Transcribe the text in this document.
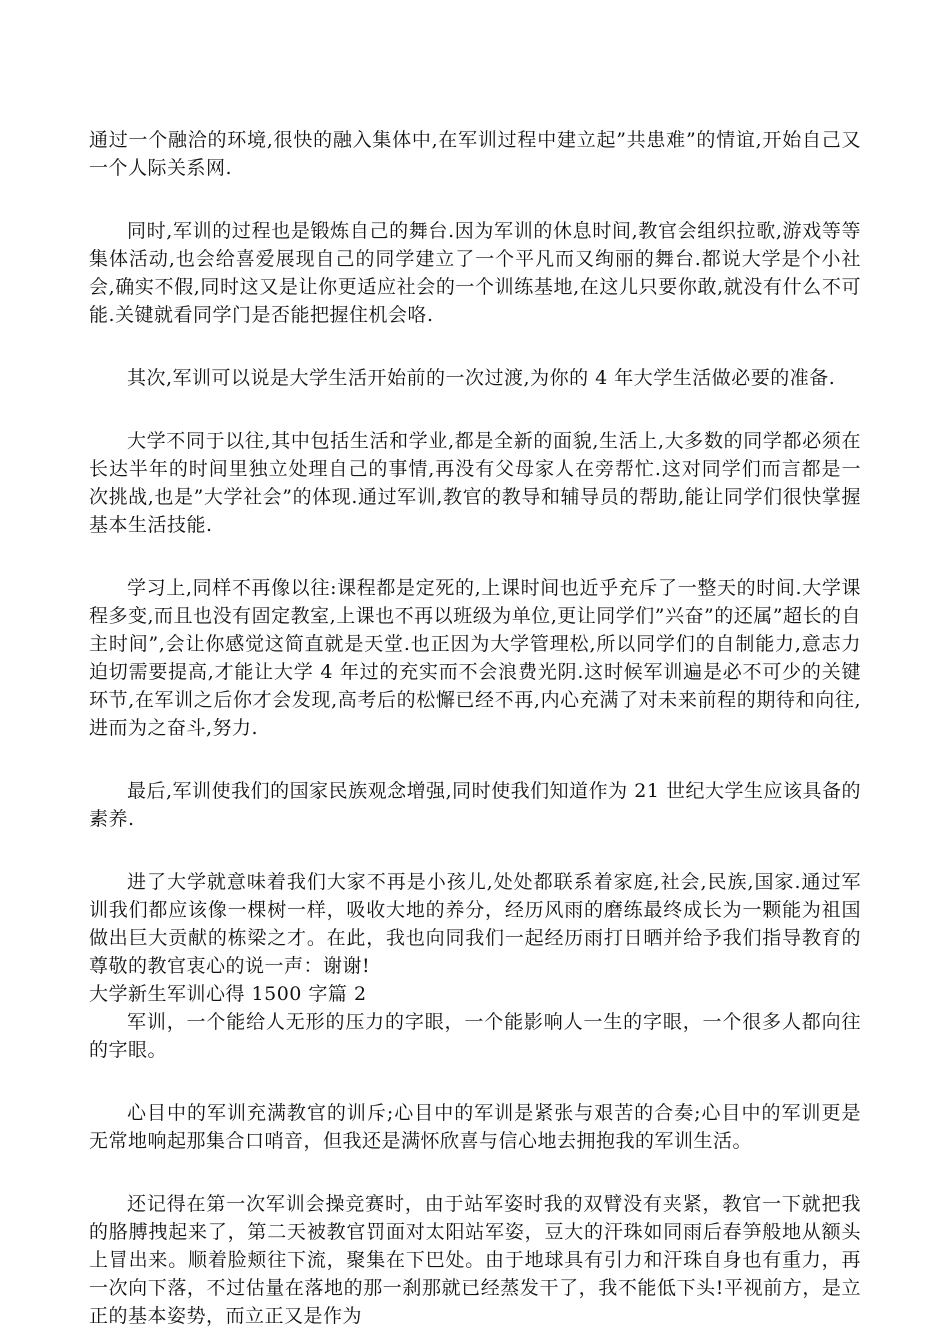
通过一个融洽的环境,很快的融入集体中,在军训过程中建立起”共患难”的情谊,开始自己又一个人际关系网.

同时,军训的过程也是锻炼自己的舞台.因为军训的休息时间,教官会组织拉歌,游戏等等集体活动,也会给喜爱展现自己的同学建立了一个平凡而又绚丽的舞台.都说大学是个小社会,确实不假,同时这又是让你更适应社会的一个训练基地,在这儿只要你敢,就没有什么不可能.关键就看同学门是否能把握住机会咯.

其次,军训可以说是大学生活开始前的一次过渡,为你的 4 年大学生活做必要的准备.

大学不同于以往,其中包括生活和学业,都是全新的面貌,生活上,大多数的同学都必须在长达半年的时间里独立处理自己的事情,再没有父母家人在旁帮忙.这对同学们而言都是一次挑战,也是”大学社会”的体现.通过军训,教官的教导和辅导员的帮助,能让同学们很快掌握基本生活技能.

学习上,同样不再像以往:课程都是定死的,上课时间也近乎充斥了一整天的时间.大学课程多变,而且也没有固定教室,上课也不再以班级为单位,更让同学们”兴奋”的还属”超长的自主时间”,会让你感觉这简直就是天堂.也正因为大学管理松,所以同学们的自制能力,意志力迫切需要提高,才能让大学 4 年过的充实而不会浪费光阴.这时候军训遍是必不可少的关键环节,在军训之后你才会发现,高考后的松懈已经不再,内心充满了对未来前程的期待和向往,进而为之奋斗,努力.

最后,军训使我们的国家民族观念增强,同时使我们知道作为 21 世纪大学生应该具备的素养.

进了大学就意味着我们大家不再是小孩儿,处处都联系着家庭,社会,民族,国家.通过军训我们都应该像一棵树一样，吸收大地的养分，经历风雨的磨练最终成长为一颗能为祖国做出巨大贡献的栋梁之才。在此，我也向同我们一起经历雨打日晒并给予我们指导教育的尊敬的教官衷心的说一声：谢谢!

大学新生军训心得 1500 字篇 2

军训，一个能给人无形的压力的字眼，一个能影响人一生的字眼，一个很多人都向往的字眼。

心目中的军训充满教官的训斥;心目中的军训是紧张与艰苦的合奏;心目中的军训更是无常地响起那集合口哨音，但我还是满怀欣喜与信心地去拥抱我的军训生活。

还记得在第一次军训会操竞赛时，由于站军姿时我的双臂没有夹紧，教官一下就把我的胳膊拽起来了，第二天被教官罚面对太阳站军姿，豆大的汗珠如同雨后春笋般地从额头上冒出来。顺着脸颊往下流，聚集在下巴处。由于地球具有引力和汗珠自身也有重力，再一次向下落，不过估量在落地的那一刹那就已经蒸发干了，我不能低下头!平视前方，是立正的基本姿势，而立正又是作为
